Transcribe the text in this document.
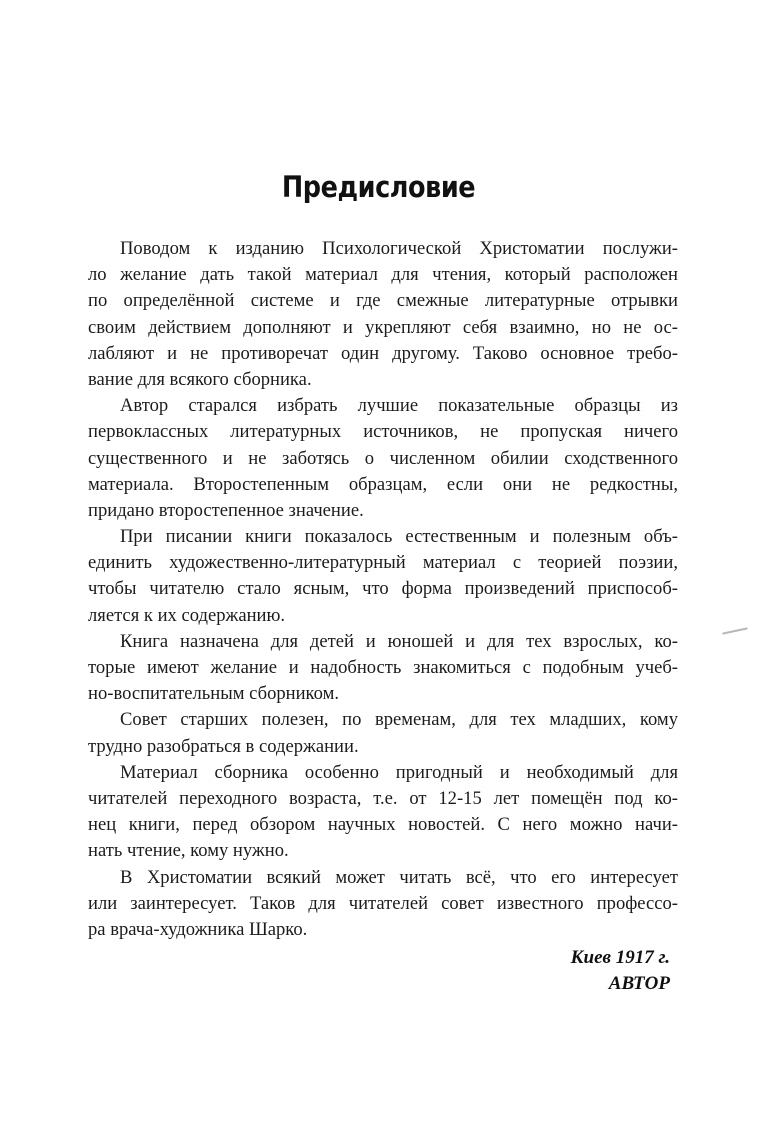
Предисловие
Поводом к изданию Психологической Христоматии послужи-
ло желание дать такой материал для чтения, который расположен
по определённой системе и где смежные литературные отрывки
своим действием дополняют и укрепляют себя взаимно, но не ос-
лабляют и не противоречат один другому. Таково основное требо-
вание для всякого сборника.
Автор старался избрать лучшие показательные образцы из
первоклассных литературных источников, не пропуская ничего
существенного и не заботясь о численном обилии сходственного
материала. Второстепенным образцам, если они не редкостны,
придано второстепенное значение.
При писании книги показалось естественным и полезным объ-
единить художественно-литературный материал с теорией поэзии,
чтобы читателю стало ясным, что форма произведений приспособ-
ляется к их содержанию.
Книга назначена для детей и юношей и для тех взрослых, ко-
торые имеют желание и надобность знакомиться с подобным учеб-
но-воспитательным сборником.
Совет старших полезен, по временам, для тех младших, кому
трудно разобраться в содержании.
Материал сборника особенно пригодный и необходимый для
читателей переходного возраста, т.е. от 12-15 лет помещён под ко-
нец книги, перед обзором научных новостей. С него можно начи-
нать чтение, кому нужно.
В Христоматии всякий может читать всё, что его интересует
или заинтересует. Таков для читателей совет известного профессо-
ра врача-художника Шарко.
Киев 1917 г.
АВТОР
